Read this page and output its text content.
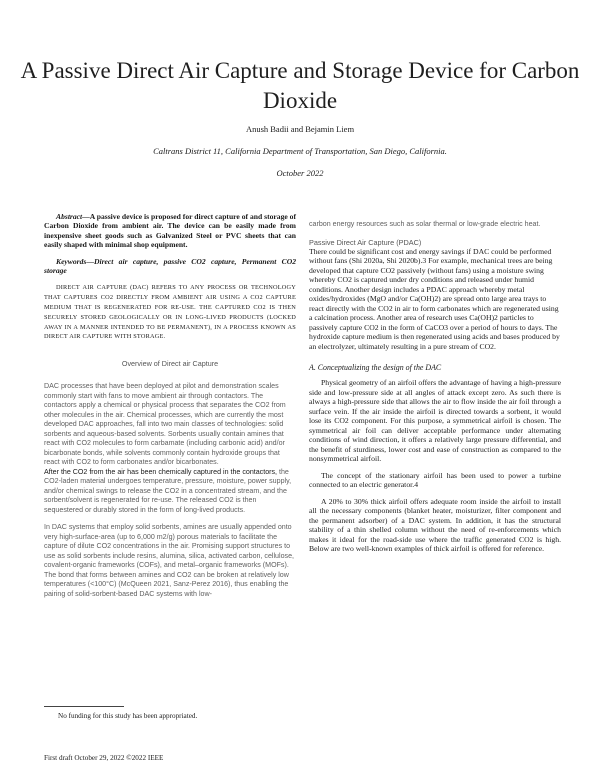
A Passive Direct Air Capture and Storage Device for Carbon Dioxide
Anush Badii and Bejamin Liem
Caltrans District 11, California Department of Transportation, San Diego, California.
October 2022

Abstract—A passive device is proposed for direct capture of and storage of Carbon Dioxide from ambient air. The device can be easily made from inexpensive sheet goods such as Galvanized Steel or PVC sheets that can easily shaped with minimal shop equipment.

Keywords—Direct air capture, passive CO2 capture, Permanent CO2 storage

DIRECT AIR CAPTURE (DAC) REFERS TO ANY PROCESS OR TECHNOLOGY THAT CAPTURES CO2 DIRECTLY FROM AMBIENT AIR USING A CO2 CAPTURE MEDIUM THAT IS REGENERATED FOR RE-USE. THE CAPTURED CO2 IS THEN SECURELY STORED GEOLOGICALLY OR IN LONG-LIVED PRODUCTS (LOCKED AWAY IN A MANNER INTENDED TO BE PERMANENT), IN A PROCESS KNOWN AS DIRECT AIR CAPTURE WITH STORAGE.

Overview of Direct air Capture

DAC processes that have been deployed at pilot and demonstration scales commonly start with fans to move ambient air through contactors. The contactors apply a chemical or physical process that separates the CO2 from other molecules in the air. Chemical processes, which are currently the most developed DAC approaches, fall into two main classes of technologies: solid sorbents and aqueous-based solvents. Sorbents usually contain amines that react with CO2 molecules to form carbamate (including carbonic acid) and/or bicarbonate bonds, while solvents commonly contain hydroxide groups that react with CO2 to form carbonates and/or bicarbonates.

After the CO2 from the air has been chemically captured in the contactors, the CO2-laden material undergoes temperature, pressure, moisture, power supply, and/or chemical swings to release the CO2 in a concentrated stream, and the sorbent/solvent is regenerated for re-use. The released CO2 is then sequestered or durably stored in the form of long-lived products.

In DAC systems that employ solid sorbents, amines are usually appended onto very high-surface-area (up to 6,000 m2/g) porous materials to facilitate the capture of dilute CO2 concentrations in the air. Promising support structures to use as solid sorbents include resins, alumina, silica, activated carbon, cellulose, covalent-organic frameworks (COFs), and metal–organic frameworks (MOFs). The bond that forms between amines and CO2 can be broken at relatively low temperatures (<100°C) (McQueen 2021, Sanz-Perez 2016), thus enabling the pairing of solid-sorbent-based DAC systems with low-

carbon energy resources such as solar thermal or low-grade electric heat.

Passive Direct Air Capture (PDAC)

There could be significant cost and energy savings if DAC could be performed without fans (Shi 2020a, Shi 2020b).3 For example, mechanical trees are being developed that capture CO2 passively (without fans) using a moisture swing whereby CO2 is captured under dry conditions and released under humid conditions. Another design includes a PDAC approach whereby metal oxides/hydroxides (MgO and/or Ca(OH)2) are spread onto large area trays to react directly with the CO2 in air to form carbonates which are regenerated using a calcination process. Another area of research uses Ca(OH)2 particles to passively capture CO2 in the form of CaCO3 over a period of hours to days. The hydroxide capture medium is then regenerated using acids and bases produced by an electrolyzer, ultimately resulting in a pure stream of CO2.

A. Conceptualizing the design of the DAC

Physical geometry of an airfoil offers the advantage of having a high-pressure side and low-pressure side at all angles of attack except zero. As such there is always a high-pressure side that allows the air to flow inside the air foil through a surface vein. If the air inside the airfoil is directed towards a sorbent, it would lose its CO2 component. For this purpose, a symmetrical airfoil is chosen. The symmetrical air foil can deliver acceptable performance under alternating conditions of wind direction, it offers a relatively large pressure differential, and the benefit of sturdiness, lower cost and ease of construction as compared to the nonsymmetrical airfoil.

The concept of the stationary airfoil has been used to power a turbine connected to an electric generator.4

A 20% to 30% thick airfoil offers adequate room inside the airfoil to install all the necessary components (blanket heater, moisturizer, filter component and the permanent adsorber) of a DAC system. In addition, it has the structural stability of a thin shelled column without the need of re-enforcements which makes it ideal for the road-side use where the traffic generated CO2 is high. Below are two well-known examples of thick airfoil is offered for reference.

No funding for this study has been appropriated.
First draft October 29, 2022 ©2022 IEEE
